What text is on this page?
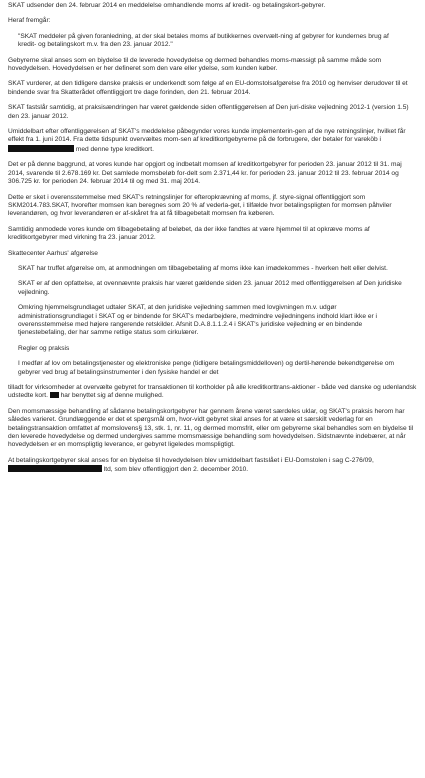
SKAT udsender den 24. februar 2014 en meddelelse omhandlende moms af kredit- og betalingskort-gebyrer.

Heraf fremgår:

"SKAT meddeler på given foranledning, at der skal betales moms af butikkernes overvælt-ning af gebyrer for kundernes brug af kredit- og betalingskort m.v. fra den 23. januar 2012."

Gebyrerne skal anses som en biydelse til de leverede hovedydelse og dermed behandles moms-mæssigt på samme måde som hovedydelsen. Hovedydelsen er her defineret som den vare eller ydelse, som kunden køber.

SKAT vurderer, at den tidligere danske praksis er underkendt som følge af en EU-domstolsafgørelse fra 2010 og henviser derudover til et bindende svar fra Skatterådet offentliggjort tre dage forinden, den 21. februar 2014.

SKAT fastslår samtidig, at praksisændringen har været gældende siden offentliggørelsen af Den juri-diske vejledning 2012-1 (version 1.5) den 23. januar 2012.

Umiddelbart efter offentliggørelsen af SKAT's meddelelse påbegynder vores kunde implementerin-gen af de nye retningslinjer, hvilket får effekt fra 1. juni 2014. Fra dette tidspunkt overvæltes mom-sen af kreditkortgebyrerne på de forbrugere, der betaler for vareköb i  med denne type kreditkort.

Det er på denne baggrund, at vores kunde har opgjort og indbetalt momsen af kreditkortgebyrer for perioden 23. januar 2012 til 31. maj 2014, svarende til 2.678.169 kr. Det samlede momsbeløb for-delt som 2.371,44 kr. for perioden 23. januar 2012 til 23. februar 2014 og 306.725 kr. for perioden 24. februar 2014 til og med 31. maj 2014.

Dette er sket i overensstemmelse med SKAT's retningslinjer for efteropkrævning af moms, jf. styre-signal offentliggjort som SKM2014.783.SKAT, hvorefter momsen kan beregnes som 20 % af vederla-get, i tilfælde hvor betalingspligten for momsen påhviler leverandøren, og hvor leverandøren er af-skåret fra at få tilbagebetalt momsen fra køberen.

Samtidig anmodede vores kunde om tilbagebetaling af beløbet, da der ikke fandtes at være hjemmel til at opkræve moms af kreditkortgebyrer med virkning fra 23. januar 2012.

Skattecenter Aarhus' afgørelse

SKAT har truffet afgørelse om, at anmodningen om tilbagebetaling af moms ikke kan imødekommes - hverken helt eller delvist.

SKAT er af den opfattelse, at ovennævnte praksis har været gældende siden 23. januar 2012 med offentliggørelsen af Den juridiske vejledning.

Omkring hjemmelsgrundlaget udtaler SKAT, at den juridiske vejledning sammen med lovgivningen m.v. udgør administrationsgrundlaget i SKAT og er bindende for SKAT's medarbejdere, medmindre vejledningens indhold klart ikke er i overensstemmelse med højere rangerende retskilder. Afsnit D.A.8.1.1.2.4 i SKAT's juridiske vejledning er en bindende tjenestebefaling, der har samme retlige status som cirkulærer.

Regler og praksis

I medfør af lov om betalingstjenester og elektroniske penge (tidligere betalingsmiddelloven) og dertil-hørende bekendtgørelse om gebyrer ved brug af betalingsinstrumenter i den fysiske handel er det

tilladt for virksomheder at overvælte gebyret for transaktionen til kortholder på alle kreditkorttrans-aktioner - både ved danske og udenlandsk udstedte kort. har benyttet sig af denne mulighed.

Den momsmæssige behandling af sådanne betalingskortgebyrer har gennem årene været særdeles uklar, og SKAT's praksis herom har således varieret. Grundlæggende er det et spørgsmål om, hvor-vidt gebyret skal anses for at være et særskilt vederlag for en betalingstransaktion omfattet af momslovens§ 13, stk. 1, nr. 11, og dermed momsfrit, eller om gebyrerne skal behandles som en biydelse til den leverede hovedydelse og dermed undergives samme momsmæssige behandling som hovedydelsen. Sidstnævnte indebærer, at når hovedydelsen er en momspligtig leverance, er gebyret ligeledes momspligtigt.

At betalingskortgebyrer skal anses for en biydelse til hovedydelsen blev umiddelbart fastslået i EU-Domstolen i sag C-276/09,  ltd, som blev offentliggjort den 2. december 2010.
